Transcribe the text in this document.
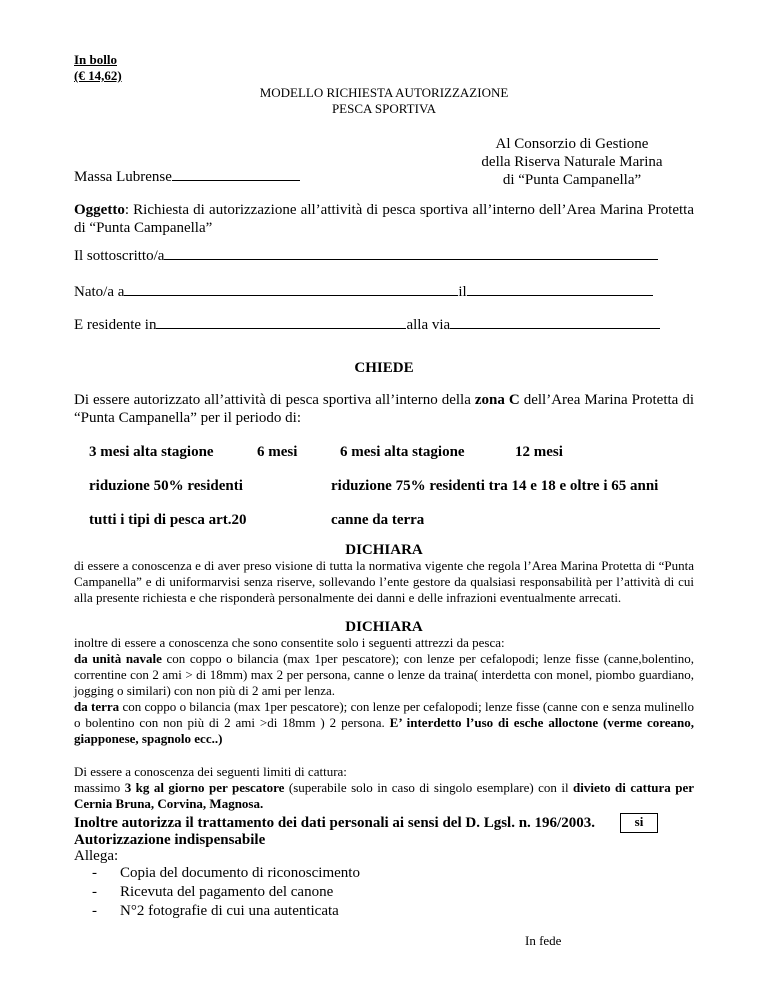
In bollo
(€ 14,62)
MODELLO RICHIESTA AUTORIZZAZIONE
PESCA SPORTIVA
Al Consorzio di Gestione
della Riserva Naturale Marina
di “Punta Campanella”
Massa Lubrense
Oggetto: Richiesta di autorizzazione all’attività di pesca sportiva all’interno dell’Area Marina Protetta di “Punta Campanella”
Il sottoscritto/a
Nato/a a	il
E residente in	alla via
CHIEDE
Di essere autorizzato all’attività di pesca sportiva all’interno della zona C dell’Area Marina Protetta di “Punta Campanella” per il periodo di:
3 mesi alta stagione	6 mesi	6 mesi alta stagione	12 mesi
riduzione 50% residenti	riduzione 75% residenti tra 14 e 18 e oltre i 65 anni
tutti i tipi di pesca art.20	canne da terra
DICHIARA
di essere a conoscenza e di aver preso visione di tutta la normativa vigente che regola l’Area Marina Protetta di “Punta Campanella” e di uniformarvisi senza riserve, sollevando l’ente gestore da qualsiasi responsabilità per l’attività di cui alla presente richiesta e che risponderà personalmente dei danni e delle infrazioni eventualmente arrecati.
DICHIARA
inoltre di essere a conoscenza che sono consentite solo i seguenti attrezzi da pesca:
da unità navale con coppo o bilancia (max 1per pescatore); con lenze per cefalopodi; lenze fisse (canne,bolentino, correntine con 2 ami > di 18mm) max 2 per persona, canne o lenze da traina( interdetta con monel, piombo guardiano, jogging o similari) con non più di 2 ami per lenza.
da terra con coppo o bilancia (max 1per pescatore); con lenze per cefalopodi; lenze fisse (canne con e senza mulinello o bolentino con non più di 2 ami >di 18mm ) 2 persona. E’ interdetto l’uso di esche alloctone (verme coreano, giapponese, spagnolo ecc..)
Di essere a conoscenza dei seguenti limiti di cattura:
massimo 3 kg al giorno per pescatore (superabile solo in caso di singolo esemplare) con il divieto di cattura per Cernia Bruna, Corvina, Magnosa.
Inoltre autorizza il trattamento dei dati personali ai sensi del D. Lgsl. n. 196/2003.	si
Autorizzazione indispensabile
Allega:
- Copia del documento di riconoscimento
- Ricevuta del pagamento del canone
- N°2 fotografie di cui una autenticata
In fede
